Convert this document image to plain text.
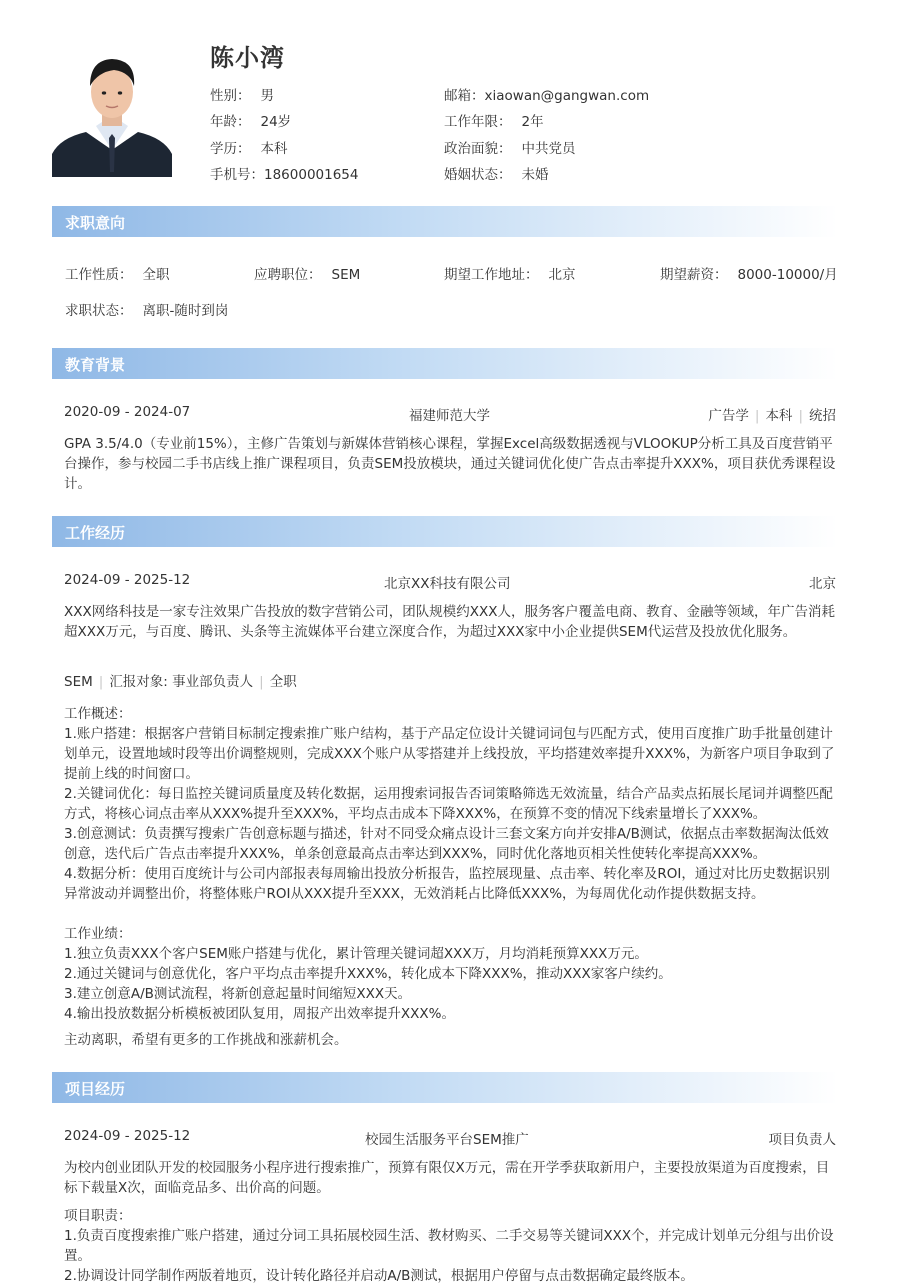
陈小湾
性别： 男	邮箱：xiaowan@gangwan.com
年龄： 24岁	工作年限： 2年
学历： 本科	政治面貌： 中共党员
手机号：18600001654	婚姻状态： 未婚
求职意向
工作性质： 全职	应聘职位： SEM	期望工作地址： 北京	期望薪资： 8000-10000/月
求职状态： 离职-随时到岗
教育背景
2020-09 - 2024-07	福建师范大学	广告学 | 本科 | 统招
GPA 3.5/4.0（专业前15%），主修广告策划与新媒体营销核心课程，掌握Excel高级数据透视与VLOOKUP分析工具及百度营销平台操作，参与校园二手书店线上推广课程项目，负责SEM投放模块，通过关键词优化使广告点击率提升XXX%，项目获优秀课程设计。
工作经历
2024-09 - 2025-12	北京XX科技有限公司	北京
XXX网络科技是一家专注效果广告投放的数字营销公司，团队规模约XXX人，服务客户覆盖电商、教育、金融等领域，年广告消耗超XXX万元，与百度、腾讯、头条等主流媒体平台建立深度合作，为超过XXX家中小企业提供SEM代运营及投放优化服务。
SEM | 汇报对象: 事业部负责人 | 全职

工作概述：

1.账户搭建：根据客户营销目标制定搜索推广账户结构，基于产品定位设计关键词词包与匹配方式，使用百度推广助手批量创建计划单元，设置地域时段等出价调整规则，完成XXX个账户从零搭建并上线投放，平均搭建效率提升XXX%，为新客户项目争取到了提前上线的时间窗口。

2.关键词优化：每日监控关键词质量度及转化数据，运用搜索词报告否词策略筛选无效流量，结合产品卖点拓展长尾词并调整匹配方式，将核心词点击率从XXX%提升至XXX%，平均点击成本下降XXX%，在预算不变的情况下线索量增长了XXX%。

3.创意测试：负责撰写搜索广告创意标题与描述，针对不同受众痛点设计三套文案方向并安排A/B测试，依据点击率数据淘汰低效创意，迭代后广告点击率提升XXX%，单条创意最高点击率达到XXX%，同时优化落地页相关性使转化率提高XXX%。

4.数据分析：使用百度统计与公司内部报表每周输出投放分析报告，监控展现量、点击率、转化率及ROI，通过对比历史数据识别异常波动并调整出价，将整体账户ROI从XXX提升至XXX，无效消耗占比降低XXX%，为每周优化动作提供数据支持。

工作业绩：

1.独立负责XXX个客户SEM账户搭建与优化，累计管理关键词超XXX万，月均消耗预算XXX万元。

2.通过关键词与创意优化，客户平均点击率提升XXX%，转化成本下降XXX%，推动XXX家客户续约。

3.建立创意A/B测试流程，将新创意起量时间缩短XXX天。

4.输出投放数据分析模板被团队复用，周报产出效率提升XXX%。

主动离职，希望有更多的工作挑战和涨薪机会。
项目经历
2024-09 - 2025-12	校园生活服务平台SEM推广	项目负责人
为校内创业团队开发的校园服务小程序进行搜索推广，预算有限仅X万元，需在开学季获取新用户，主要投放渠道为百度搜索，目标下载量X次，面临竞品多、出价高的问题。

项目职责：

1.负责百度搜索推广账户搭建，通过分词工具拓展校园生活、教材购买、二手交易等关键词XXX个，并完成计划单元分组与出价设置。

2.协调设计同学制作两版着地页，设计转化路径并启动A/B测试，根据用户停留与点击数据确定最终版本。
